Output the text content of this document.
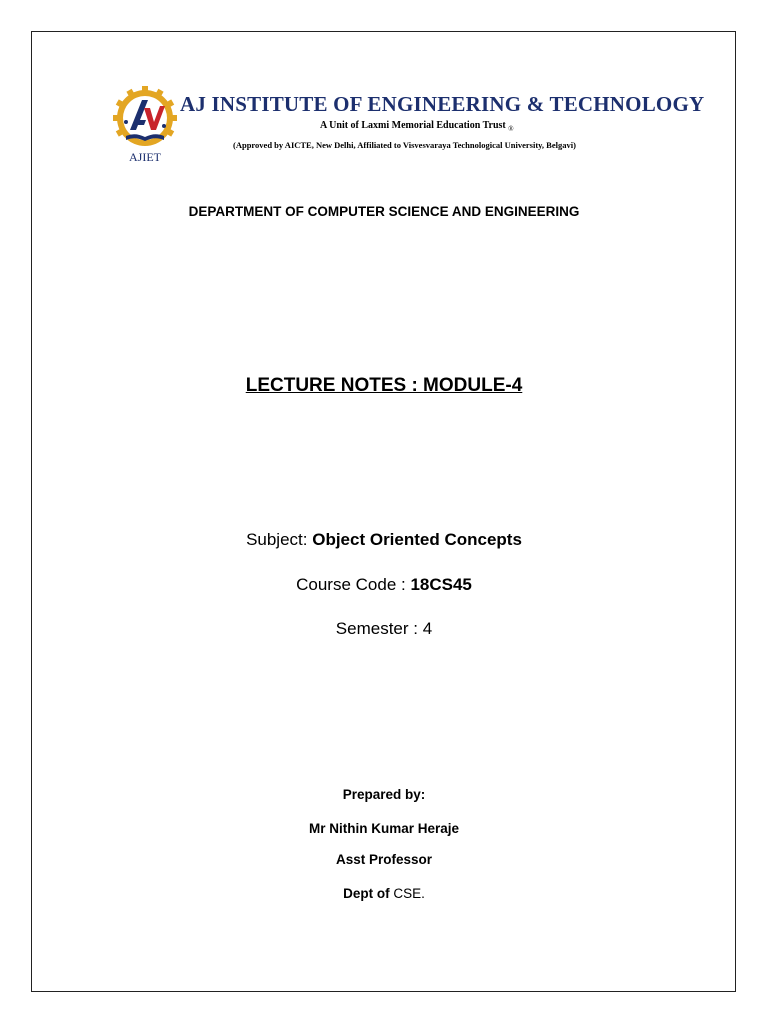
AJIET
AJ INSTITUTE OF ENGINEERING & TECHNOLOGY
A Unit of Laxmi Memorial Education Trust $_®$
(Approved by AICTE, New Delhi, Affiliated to Visvesvaraya Technological University, Belgavi)
DEPARTMENT OF COMPUTER SCIENCE AND ENGINEERING
LECTURE NOTES : MODULE-4
Subject: Object Oriented Concepts
Course Code : 18CS45
Semester : 4
Prepared by:
Mr Nithin Kumar Heraje
Asst Professor
Dept of CSE.
